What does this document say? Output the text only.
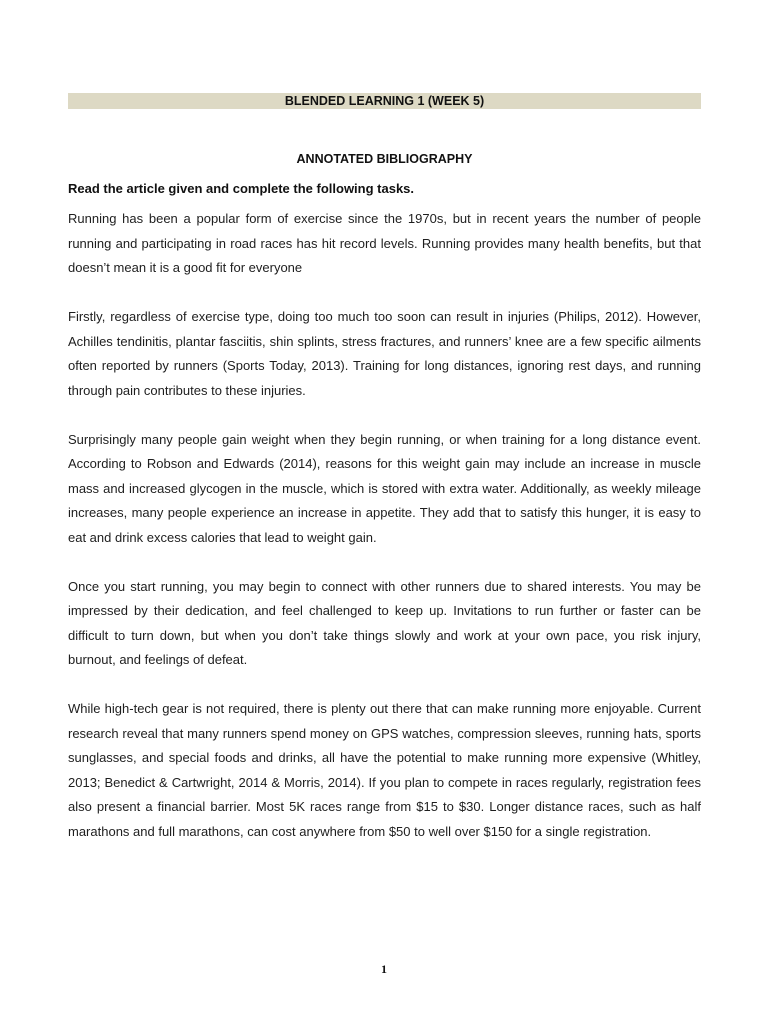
BLENDED LEARNING 1 (WEEK 5)
ANNOTATED BIBLIOGRAPHY
Read the article given and complete the following tasks.

Running has been a popular form of exercise since the 1970s, but in recent years the number of people running and participating in road races has hit record levels. Running provides many health benefits, but that doesn’t mean it is a good fit for everyone

Firstly, regardless of exercise type, doing too much too soon can result in injuries (Philips, 2012). However, Achilles tendinitis, plantar fasciitis, shin splints, stress fractures, and runners’ knee are a few specific ailments often reported by runners (Sports Today, 2013). Training for long distances, ignoring rest days, and running through pain contributes to these injuries.

Surprisingly many people gain weight when they begin running, or when training for a long distance event. According to Robson and Edwards (2014), reasons for this weight gain may include an increase in muscle mass and increased glycogen in the muscle, which is stored with extra water. Additionally, as weekly mileage increases, many people experience an increase in appetite. They add that to satisfy this hunger, it is easy to eat and drink excess calories that lead to weight gain.

Once you start running, you may begin to connect with other runners due to shared interests. You may be impressed by their dedication, and feel challenged to keep up. Invitations to run further or faster can be difficult to turn down, but when you don’t take things slowly and work at your own pace, you risk injury, burnout, and feelings of defeat.

While high-tech gear is not required, there is plenty out there that can make running more enjoyable. Current research reveal that many runners spend money on GPS watches, compression sleeves, running hats, sports sunglasses, and special foods and drinks, all have the potential to make running more expensive (Whitley, 2013; Benedict & Cartwright, 2014 & Morris, 2014). If you plan to compete in races regularly, registration fees also present a financial barrier. Most 5K races range from $15 to $30. Longer distance races, such as half marathons and full marathons, can cost anywhere from $50 to well over $150 for a single registration.

1
